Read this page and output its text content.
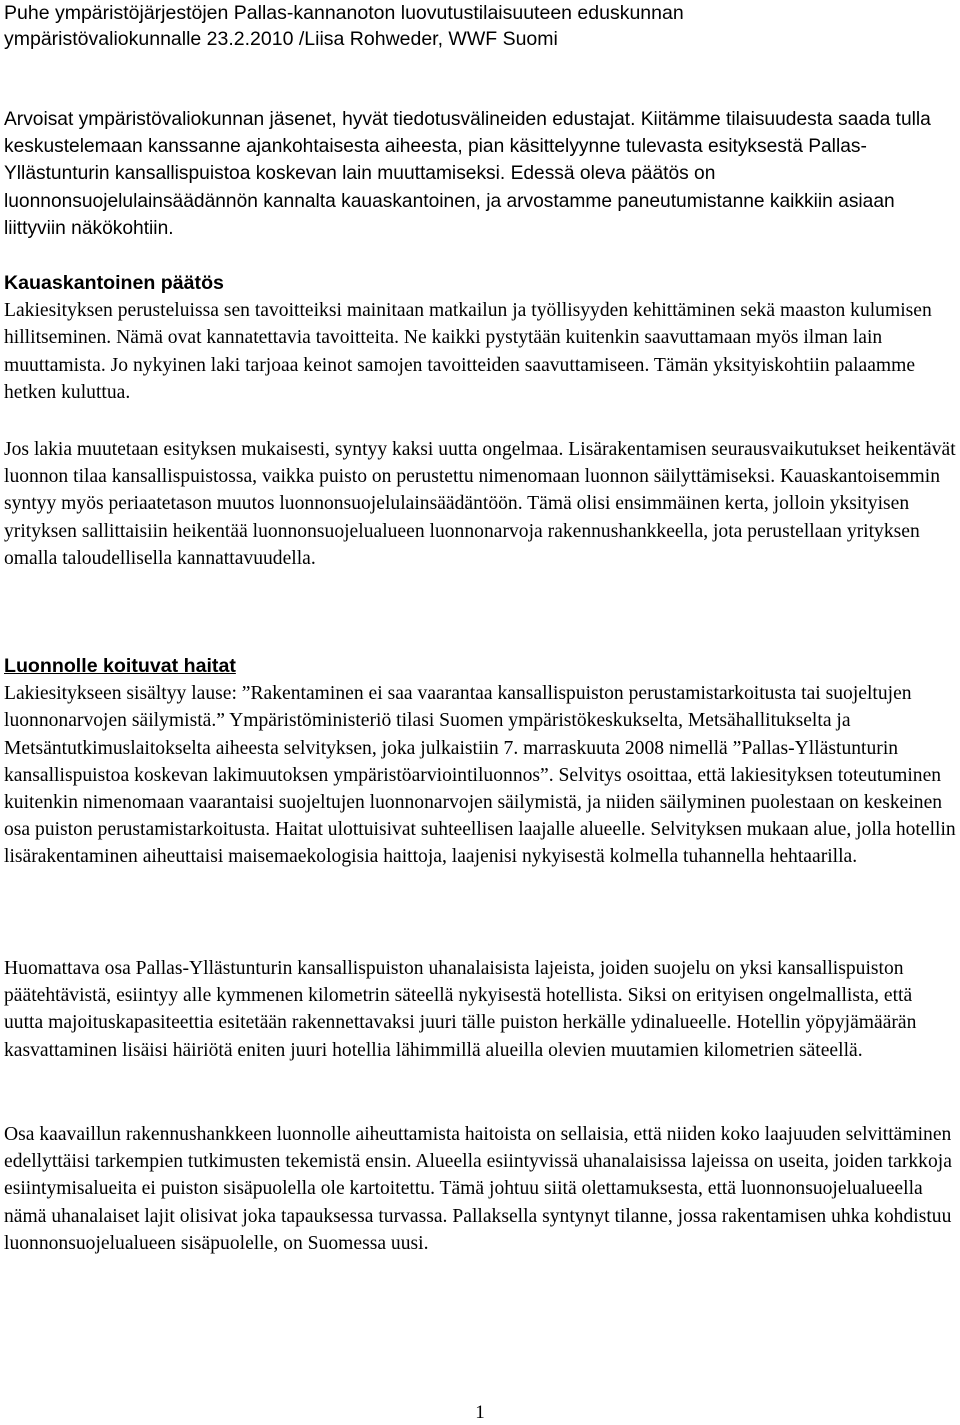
Puhe ympäristöjärjestöjen Pallas-kannanoton luovutustilaisuuteen eduskunnan

ympäristövaliokunnalle 23.2.2010 /Liisa Rohweder, WWF Suomi

Arvoisat ympäristövaliokunnan jäsenet, hyvät tiedotusvälineiden edustajat. Kiitämme tilaisuudesta saada tulla keskustelemaan kanssanne ajankohtaisesta aiheesta, pian käsittelyynne tulevasta esityksestä Pallas-Yllästunturin kansallispuistoa koskevan lain muuttamiseksi. Edessä oleva päätös on luonnonsuojelulainsäädännön kannalta kauaskantoinen, ja arvostamme paneutumistanne kaikkiin asiaan liittyviin näkökohtiin.

Kauaskantoinen päätös

Lakiesityksen perusteluissa sen tavoitteiksi mainitaan matkailun ja työllisyyden kehittäminen sekä maaston kulumisen hillitseminen. Nämä ovat kannatettavia tavoitteita. Ne kaikki pystytään kuitenkin saavuttamaan myös ilman lain muuttamista. Jo nykyinen laki tarjoaa keinot samojen tavoitteiden saavuttamiseen. Tämän yksityiskohtiin palaamme hetken kuluttua.

Jos lakia muutetaan esityksen mukaisesti, syntyy kaksi uutta ongelmaa. Lisärakentamisen seurausvaikutukset heikentävät luonnon tilaa kansallispuistossa, vaikka puisto on perustettu nimenomaan luonnon säilyttämiseksi. Kauaskantoisemmin syntyy myös periaatetason muutos luonnonsuojelulainsäädäntöön. Tämä olisi ensimmäinen kerta, jolloin yksityisen yrityksen sallittaisiin heikentää luonnonsuojelualueen luonnonarvoja rakennushankkeella, jota perustellaan yrityksen omalla taloudellisella kannattavuudella.

Luonnolle koituvat haitat

Lakiesitykseen sisältyy lause: ”Rakentaminen ei saa vaarantaa kansallispuiston perustamistarkoitusta tai suojeltujen luonnonarvojen säilymistä.” Ympäristöministeriö tilasi Suomen ympäristökeskukselta, Metsähallitukselta ja Metsäntutkimuslaitokselta aiheesta selvityksen, joka julkaistiin 7. marraskuuta 2008 nimellä ”Pallas-Yllästunturin kansallispuistoa koskevan lakimuutoksen ympäristöarviointiluonnos”. Selvitys osoittaa, että lakiesityksen toteutuminen kuitenkin nimenomaan vaarantaisi suojeltujen luonnonarvojen säilymistä, ja niiden säilyminen puolestaan on keskeinen osa puiston perustamistarkoitusta. Haitat ulottuisivat suhteellisen laajalle alueelle. Selvityksen mukaan alue, jolla hotellin lisärakentaminen aiheuttaisi maisemaekologisia haittoja, laajenisi nykyisestä kolmella tuhannella hehtaarilla.

Huomattava osa Pallas-Yllästunturin kansallispuiston uhanalaisista lajeista, joiden suojelu on yksi kansallispuiston päätehtävistä, esiintyy alle kymmenen kilometrin säteellä nykyisestä hotellista. Siksi on erityisen ongelmallista, että uutta majoituskapasiteettia esitetään rakennettavaksi juuri tälle puiston herkälle ydinalueelle. Hotellin yöpyjämäärän kasvattaminen lisäisi häiriötä eniten juuri hotellia lähimmillä alueilla olevien muutamien kilometrien säteellä.

Osa kaavaillun rakennushankkeen luonnolle aiheuttamista haitoista on sellaisia, että niiden koko laajuuden selvittäminen edellyttäisi tarkempien tutkimusten tekemistä ensin. Alueella esiintyvissä uhanalaisissa lajeissa on useita, joiden tarkkoja esiintymisalueita ei puiston sisäpuolella ole kartoitettu. Tämä johtuu siitä olettamuksesta, että luonnonsuojelualueella nämä uhanalaiset lajit olisivat joka tapauksessa turvassa. Pallaksella syntynyt tilanne, jossa rakentamisen uhka kohdistuu luonnonsuojelualueen sisäpuolelle, on Suomessa uusi.

1
